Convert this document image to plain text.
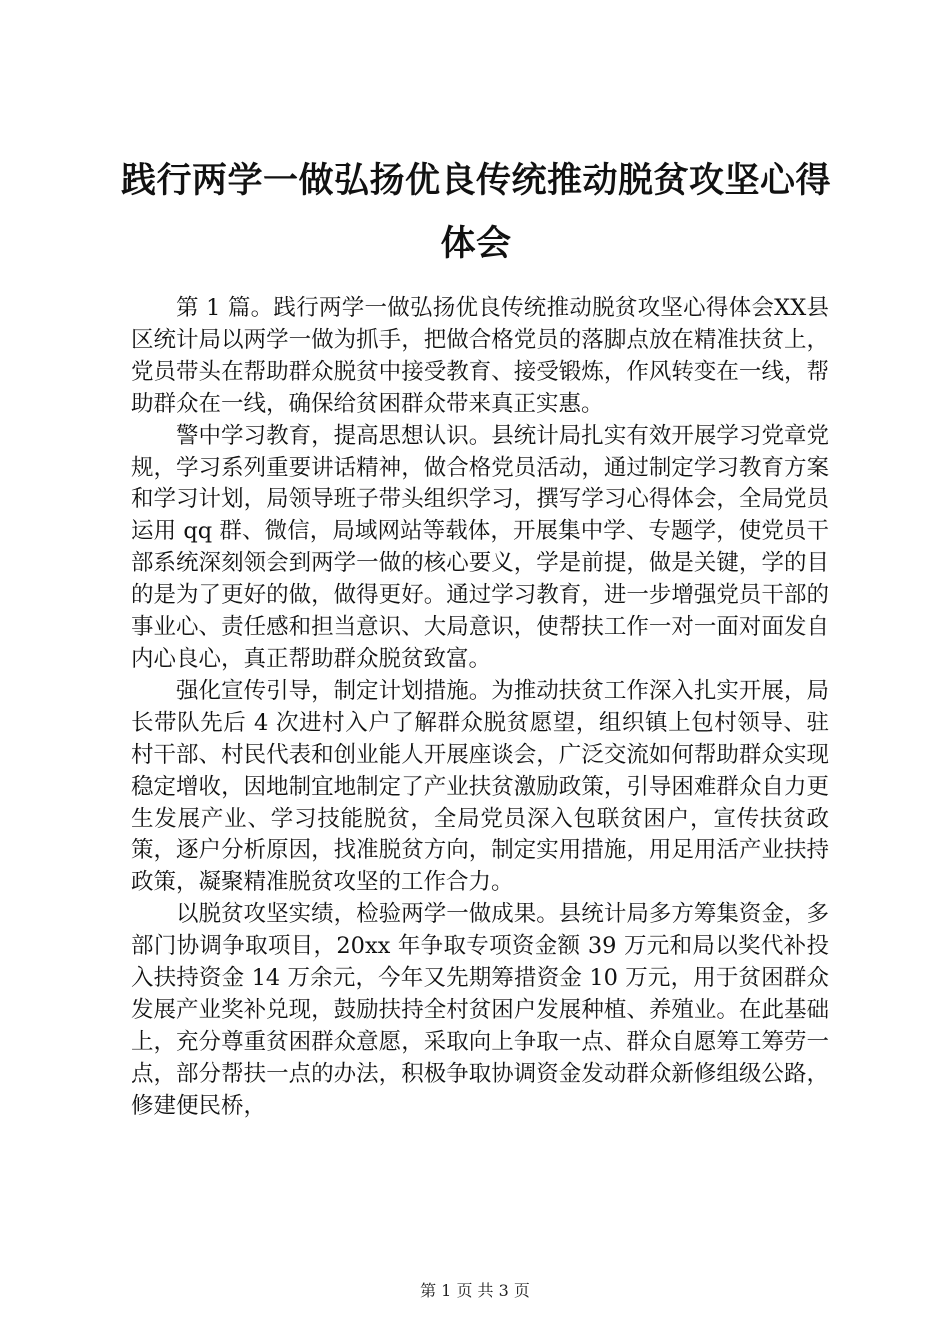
践行两学一做弘扬优良传统推动脱贫攻坚心得
体会

第 1 篇。践行两学一做弘扬优良传统推动脱贫攻坚心得体会XX县区统计局以两学一做为抓手，把做合格党员的落脚点放在精准扶贫上，党员带头在帮助群众脱贫中接受教育、接受锻炼，作风转变在一线，帮助群众在一线，确保给贫困群众带来真正实惠。

警中学习教育，提高思想认识。县统计局扎实有效开展学习党章党规，学习系列重要讲话精神，做合格党员活动，通过制定学习教育方案和学习计划，局领导班子带头组织学习，撰写学习心得体会，全局党员运用 qq 群、微信，局域网站等载体，开展集中学、专题学，使党员干部系统深刻领会到两学一做的核心要义，学是前提，做是关键，学的目的是为了更好的做，做得更好。通过学习教育，进一步增强党员干部的事业心、责任感和担当意识、大局意识，使帮扶工作一对一面对面发自内心良心，真正帮助群众脱贫致富。

强化宣传引导，制定计划措施。为推动扶贫工作深入扎实开展，局长带队先后 4 次进村入户了解群众脱贫愿望，组织镇上包村领导、驻村干部、村民代表和创业能人开展座谈会，广泛交流如何帮助群众实现稳定增收，因地制宜地制定了产业扶贫激励政策，引导困难群众自力更生发展产业、学习技能脱贫，全局党员深入包联贫困户，宣传扶贫政策，逐户分析原因，找准脱贫方向，制定实用措施，用足用活产业扶持政策，凝聚精准脱贫攻坚的工作合力。

以脱贫攻坚实绩，检验两学一做成果。县统计局多方筹集资金，多部门协调争取项目，20xx 年争取专项资金额 39 万元和局以奖代补投入扶持资金 14 万余元，今年又先期筹措资金 10 万元，用于贫困群众发展产业奖补兑现，鼓励扶持全村贫困户发展种植、养殖业。在此基础上，充分尊重贫困群众意愿，采取向上争取一点、群众自愿筹工筹劳一点，部分帮扶一点的办法，积极争取协调资金发动群众新修组级公路，修建便民桥，

第 1 页 共 3 页
